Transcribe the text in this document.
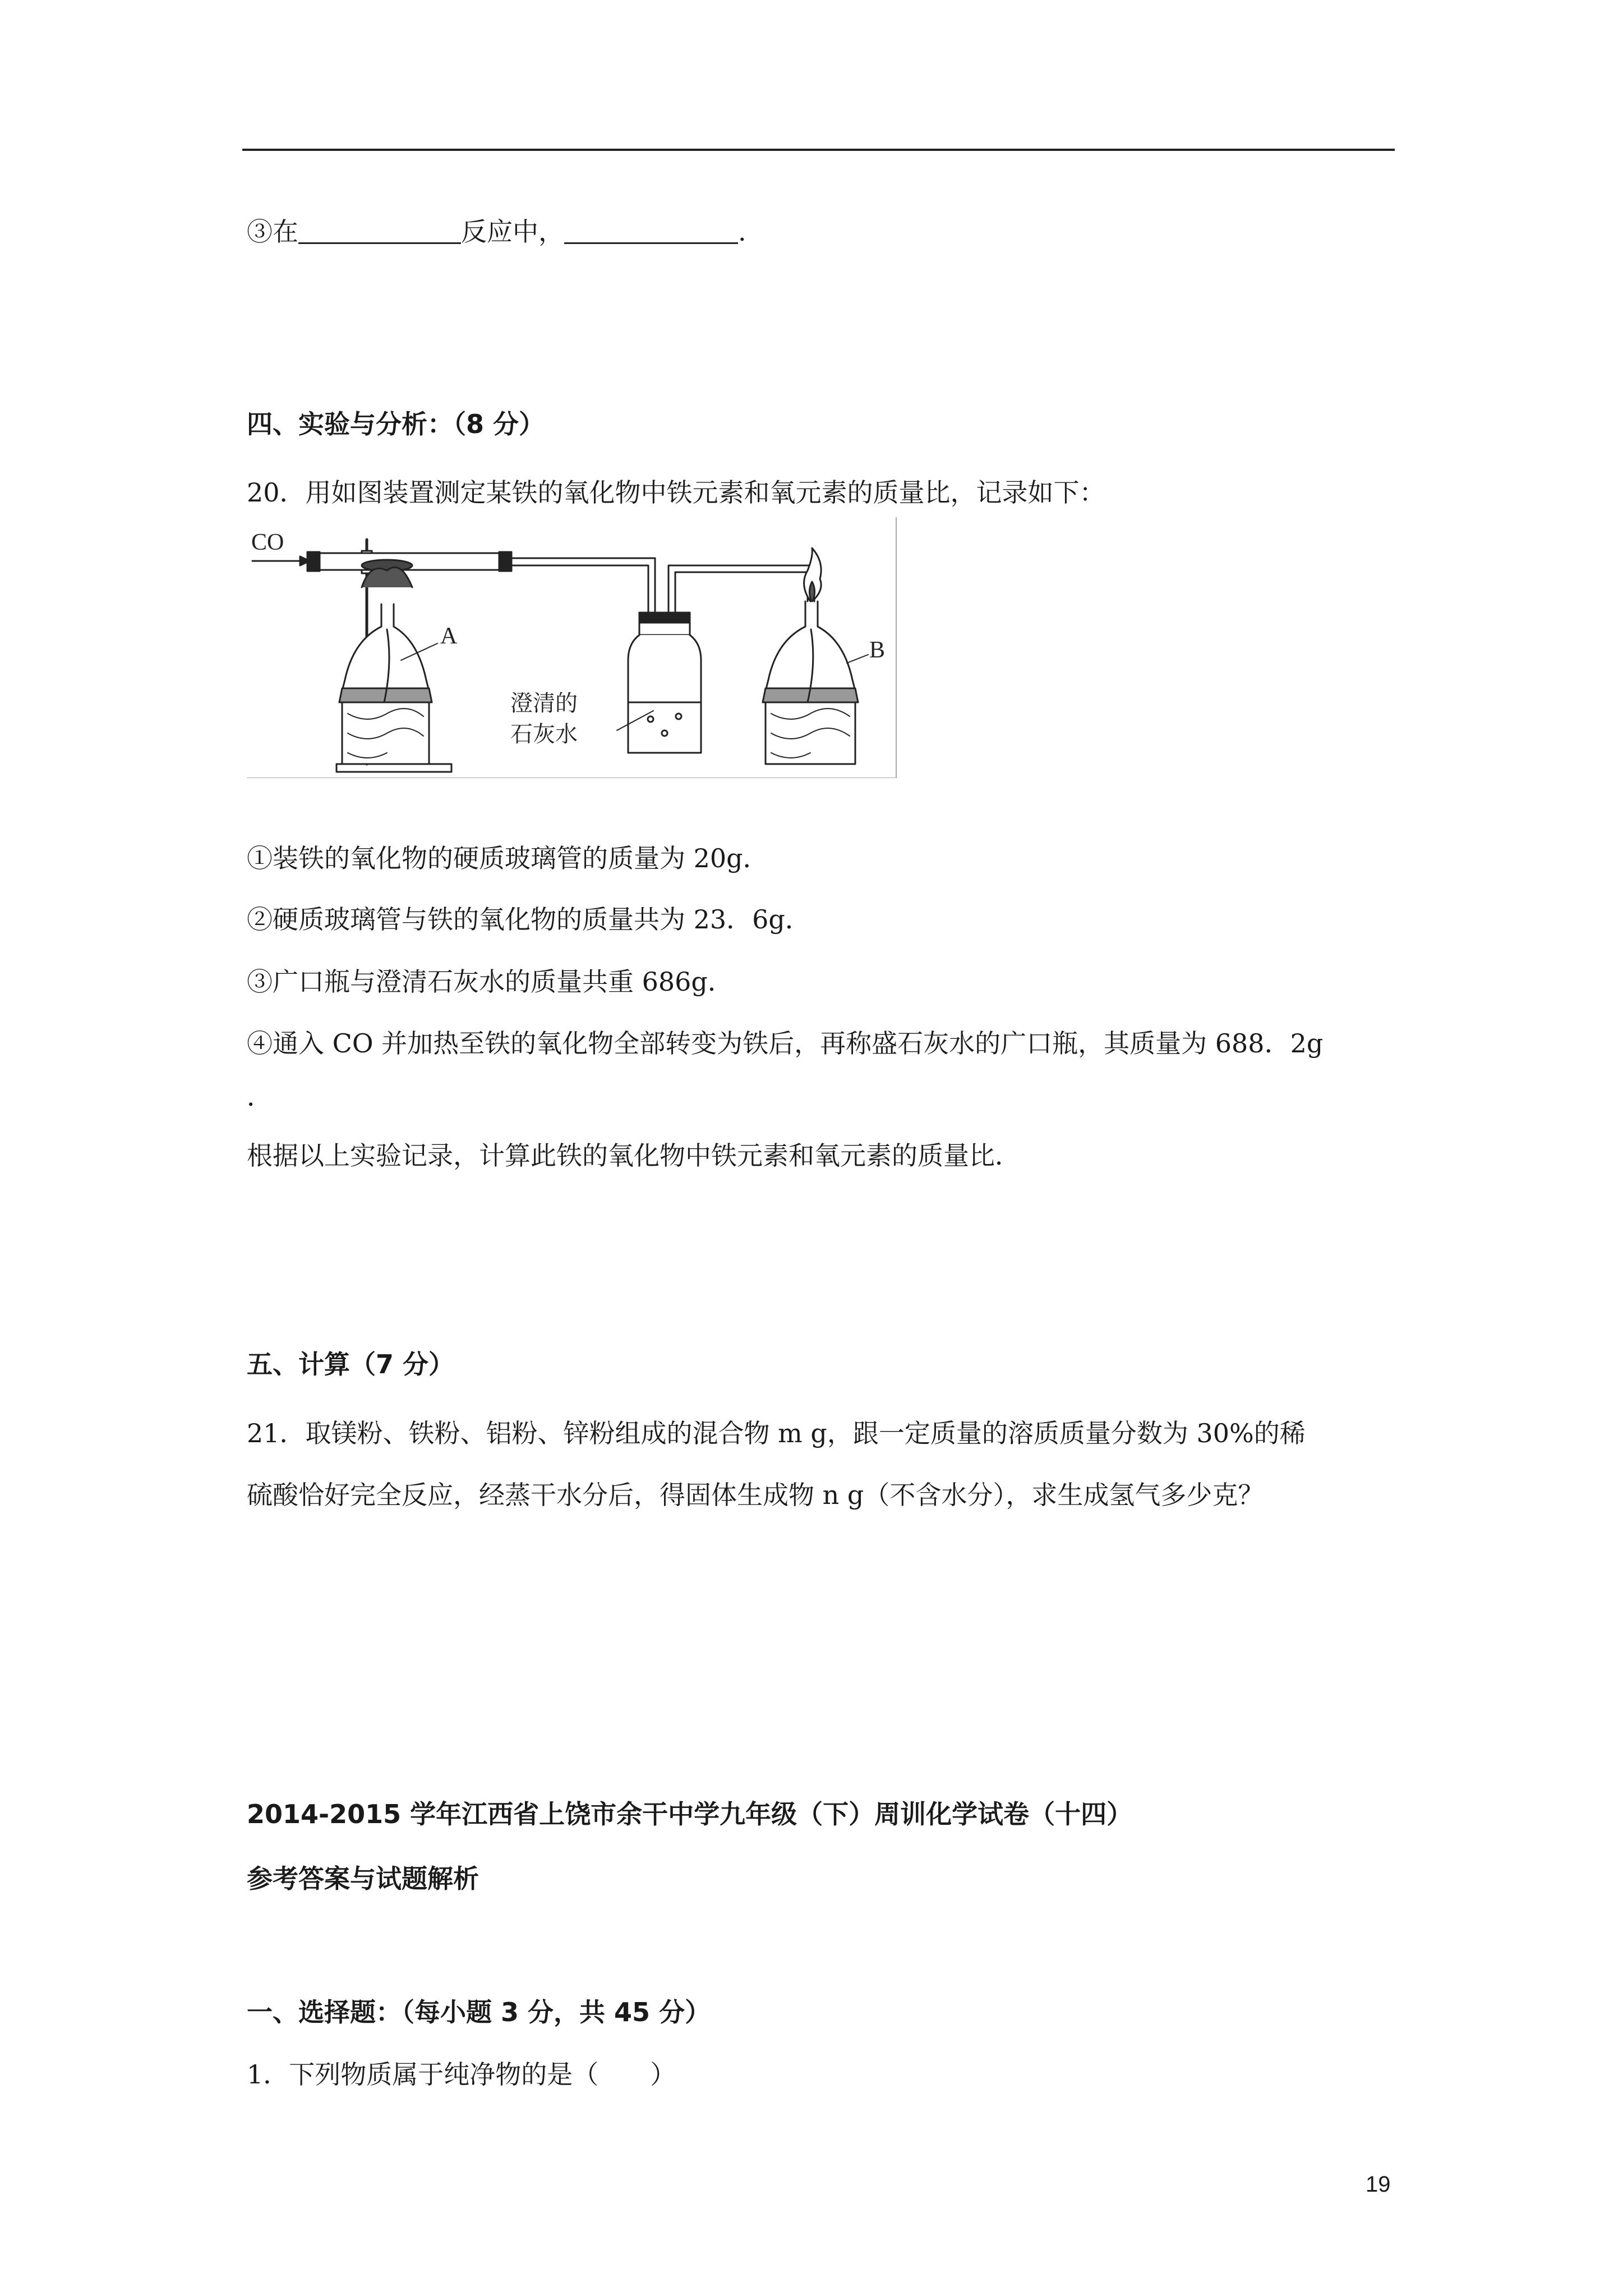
③在	反应中，	.
四、实验与分析：（8 分）
20．用如图装置测定某铁的氧化物中铁元素和氧元素的质量比，记录如下：
CO
A
B
澄清的
石灰水
①装铁的氧化物的硬质玻璃管的质量为 20g．
②硬质玻璃管与铁的氧化物的质量共为 23．6g．
③广口瓶与澄清石灰水的质量共重 686g．
④通入 CO 并加热至铁的氧化物全部转变为铁后，再称盛石灰水的广口瓶，其质量为 688．2g
．
根据以上实验记录，计算此铁的氧化物中铁元素和氧元素的质量比．
五、计算（7 分）
21．取镁粉、铁粉、铝粉、锌粉组成的混合物 m g，跟一定质量的溶质质量分数为 30%的稀
硫酸恰好完全反应，经蒸干水分后，得固体生成物 n g（不含水分），求生成氢气多少克？
2014-2015 学年江西省上饶市余干中学九年级（下）周训化学试卷（十四）
参考答案与试题解析
一、选择题：（每小题 3 分，共 45 分）
1．下列物质属于纯净物的是（　　）
19
